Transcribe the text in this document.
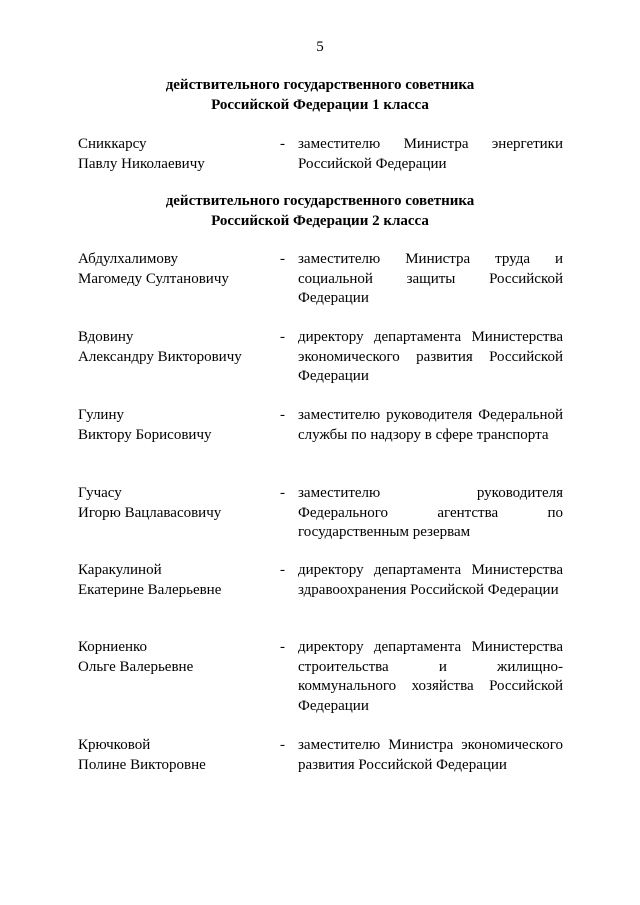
5
действительного государственного советника
Российской Федерации 1 класса
Сниккарсу
Павлу Николаевичу
- заместителю Министра энергетики Российской Федерации
действительного государственного советника
Российской Федерации 2 класса
Абдулхалимову
Магомеду Султановичу
- заместителю Министра труда и социальной защиты Российской Федерации
Вдовину
Александру Викторовичу
- директору департамента Министерства экономического развития Российской Федерации
Гулину
Виктору Борисовичу
- заместителю руководителя Федеральной службы по надзору в сфере транспорта
Гучасу
Игорю Вацлавасовичу
- заместителю руководителя Федерального агентства по государственным резервам
Каракулиной
Екатерине Валерьевне
- директору департамента Министерства здравоохранения Российской Федерации
Корниенко
Ольге Валерьевне
- директору департамента Министерства строительства и жилищно-коммунального хозяйства Российской Федерации
Крючковой
Полине Викторовне
- заместителю Министра экономического развития Российской Федерации
